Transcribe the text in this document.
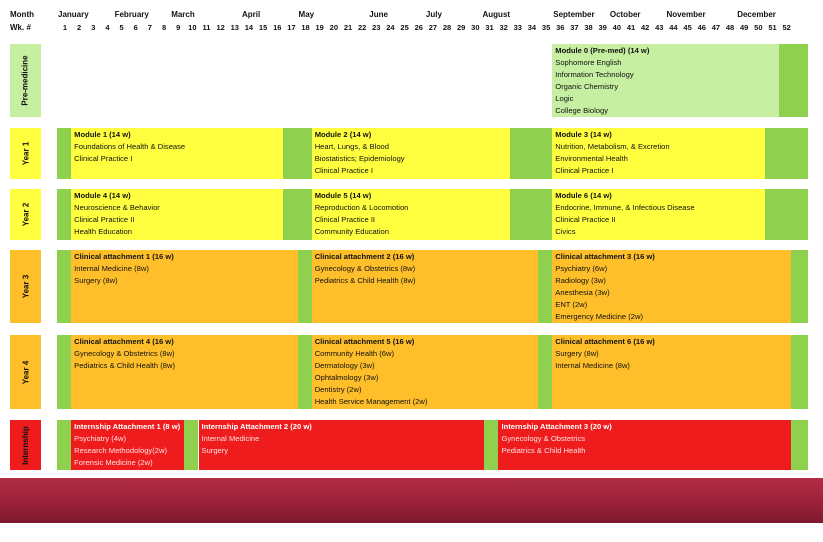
Month
Wk. #
January	February	March	April	May	June	July	August	September October	November	December
1	2	3	4	5	6	7	8	9	10 11 12 13 14 15 16 17 18 19 20 21 22 23 24 25 26 27 28 29 30 31 32 33 34 35 36 37 38 39 40 41 42 43 44 45 46 47 48 49 50 51 52
Pre-medicine
Module 0 (Pre-med) (14 w)
Sophomore English
Information Technology
Organic Chemistry
Logic
College Biology
Year 1
Module 1 (14 w)
Foundations of Health & Disease
Clinical Practice I
Module 2 (14 w)
Heart, Lungs, & Blood
Biostatistics; Epidemiology
Clinical Practice I
Module 3 (14 w)
Nutrition, Metabolism, & Excretion
Environmental Health
Clinical Practice I
Year 2
Module 4 (14 w)
Neuroscience & Behavior
Clinical Practice II
Health Education
Module 5 (14 w)
Reproduction & Locomotion
Clinical Practice II
Community Education
Module 6 (14 w)
Endocrine, Immune, & Infectious Disease
Clinical Practice II
Civics
Year 3
Clinical attachment 1 (16 w)
Internal Medicine (8w)
Surgery (8w)
Clinical attachment 2 (16 w)
Gynecology & Obstetrics (8w)
Pediatrics & Child Health (8w)
Clinical attachment 3 (16 w)
Psychiatry (6w)
Radiology (3w)
Anesthesia (3w)
ENT (2w)
Emergency Medicine (2w)
Year 4
Clinical attachment 4 (16 w)
Gynecology & Obstetrics (8w)
Pediatrics & Child Health (8w)
Clinical attachment 5 (16 w)
Community Health (6w)
Dermatology (3w)
Ophtalmology (3w)
Dentistry (2w)
Health Service Management (2w)
Clinical attachment 6 (16 w)
Surgery (8w)
Internal Medicine (8w)
Internship	Internship Attachment 1 (8 w)
Psychiatry (4w)
Research Methodology(2w)
Forensic Medicine (2w)
Internship Attachment 2 (20 w)
Internal Medicine
Surgery
Internship Attachment 3 (20 w)
Gynecology & Obstetrics
Pediatrics & Child Health
